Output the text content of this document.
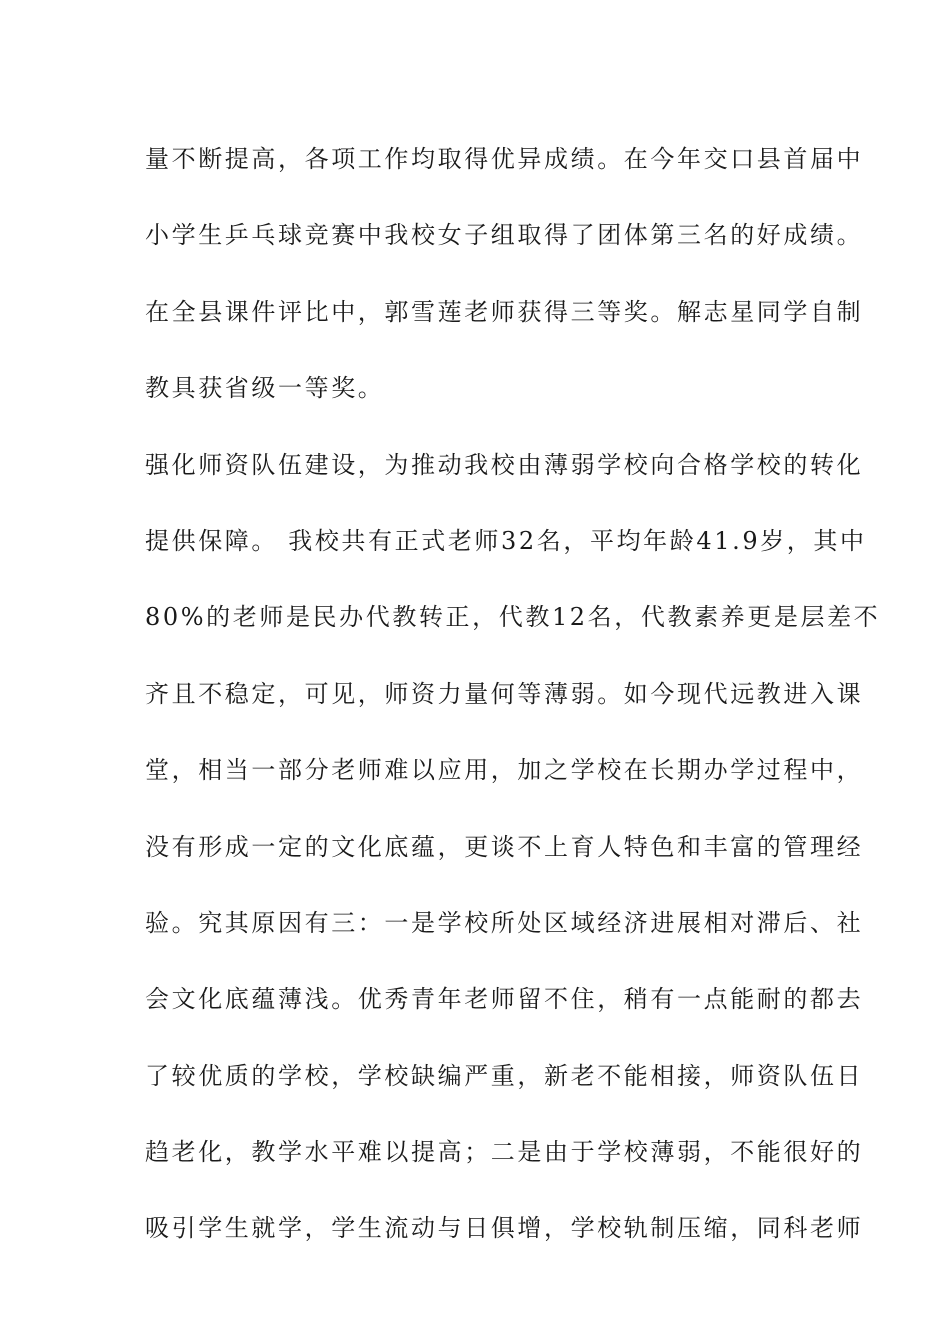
量不断提高，各项工作均取得优异成绩。在今年交口县首届中
小学生乒乓球竞赛中我校女子组取得了团体第三名的好成绩。
在全县课件评比中，郭雪莲老师获得三等奖。解志星同学自制
教具获省级一等奖。
强化师资队伍建设，为推动我校由薄弱学校向合格学校的转化
提供保障。 我校共有正式老师32名，平均年龄41.9岁，其中
80%的老师是民办代教转正，代教12名，代教素养更是层差不
齐且不稳定，可见，师资力量何等薄弱。如今现代远教进入课
堂，相当一部分老师难以应用，加之学校在长期办学过程中，
没有形成一定的文化底蕴，更谈不上育人特色和丰富的管理经
验。究其原因有三：一是学校所处区域经济进展相对滞后、社
会文化底蕴薄浅。优秀青年老师留不住，稍有一点能耐的都去
了较优质的学校，学校缺编严重，新老不能相接，师资队伍日
趋老化，教学水平难以提高；二是由于学校薄弱，不能很好的
吸引学生就学，学生流动与日俱增，学校轨制压缩，同科老师
